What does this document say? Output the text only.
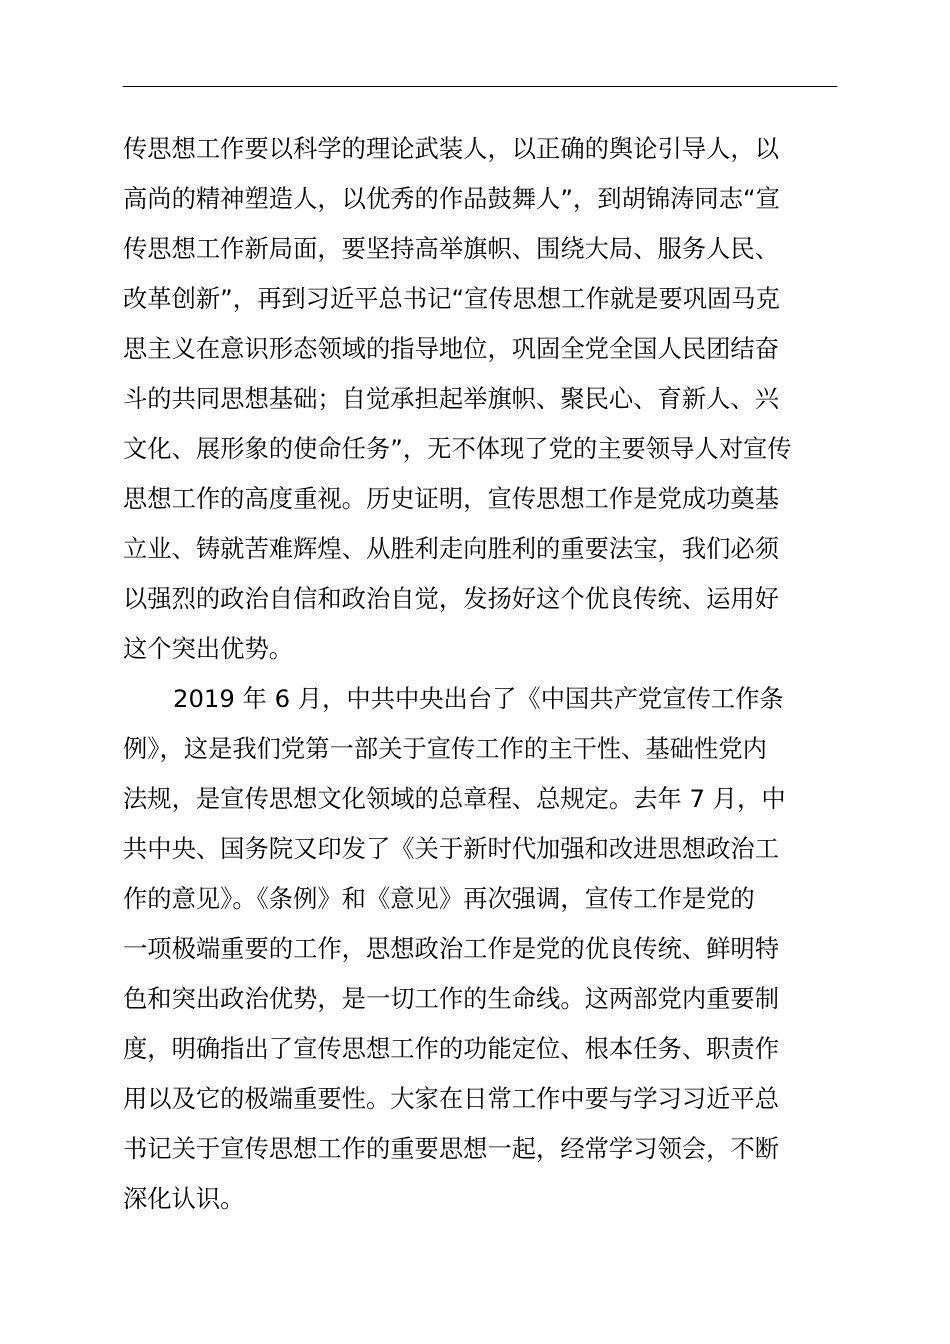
传思想工作要以科学的理论武装人，以正确的舆论引导人，以
高尚的精神塑造人，以优秀的作品鼓舞人”，到胡锦涛同志“宣
传思想工作新局面，要坚持高举旗帜、围绕大局、服务人民、
改革创新”，再到习近平总书记“宣传思想工作就是要巩固马克
思主义在意识形态领域的指导地位，巩固全党全国人民团结奋
斗的共同思想基础；自觉承担起举旗帜、聚民心、育新人、兴
文化、展形象的使命任务”，无不体现了党的主要领导人对宣传
思想工作的高度重视。历史证明，宣传思想工作是党成功奠基
立业、铸就苦难辉煌、从胜利走向胜利的重要法宝，我们必须
以强烈的政治自信和政治自觉，发扬好这个优良传统、运用好
这个突出优势。
2019 年 6 月，中共中央出台了《中国共产党宣传工作条
例》，这是我们党第一部关于宣传工作的主干性、基础性党内
法规，是宣传思想文化领域的总章程、总规定。去年 7 月，中
共中央、国务院又印发了《关于新时代加强和改进思想政治工
作的意见》。《条例》和《意见》再次强调，宣传工作是党的
一项极端重要的工作，思想政治工作是党的优良传统、鲜明特
色和突出政治优势，是一切工作的生命线。这两部党内重要制
度，明确指出了宣传思想工作的功能定位、根本任务、职责作
用以及它的极端重要性。大家在日常工作中要与学习习近平总
书记关于宣传思想工作的重要思想一起，经常学习领会，不断
深化认识。
